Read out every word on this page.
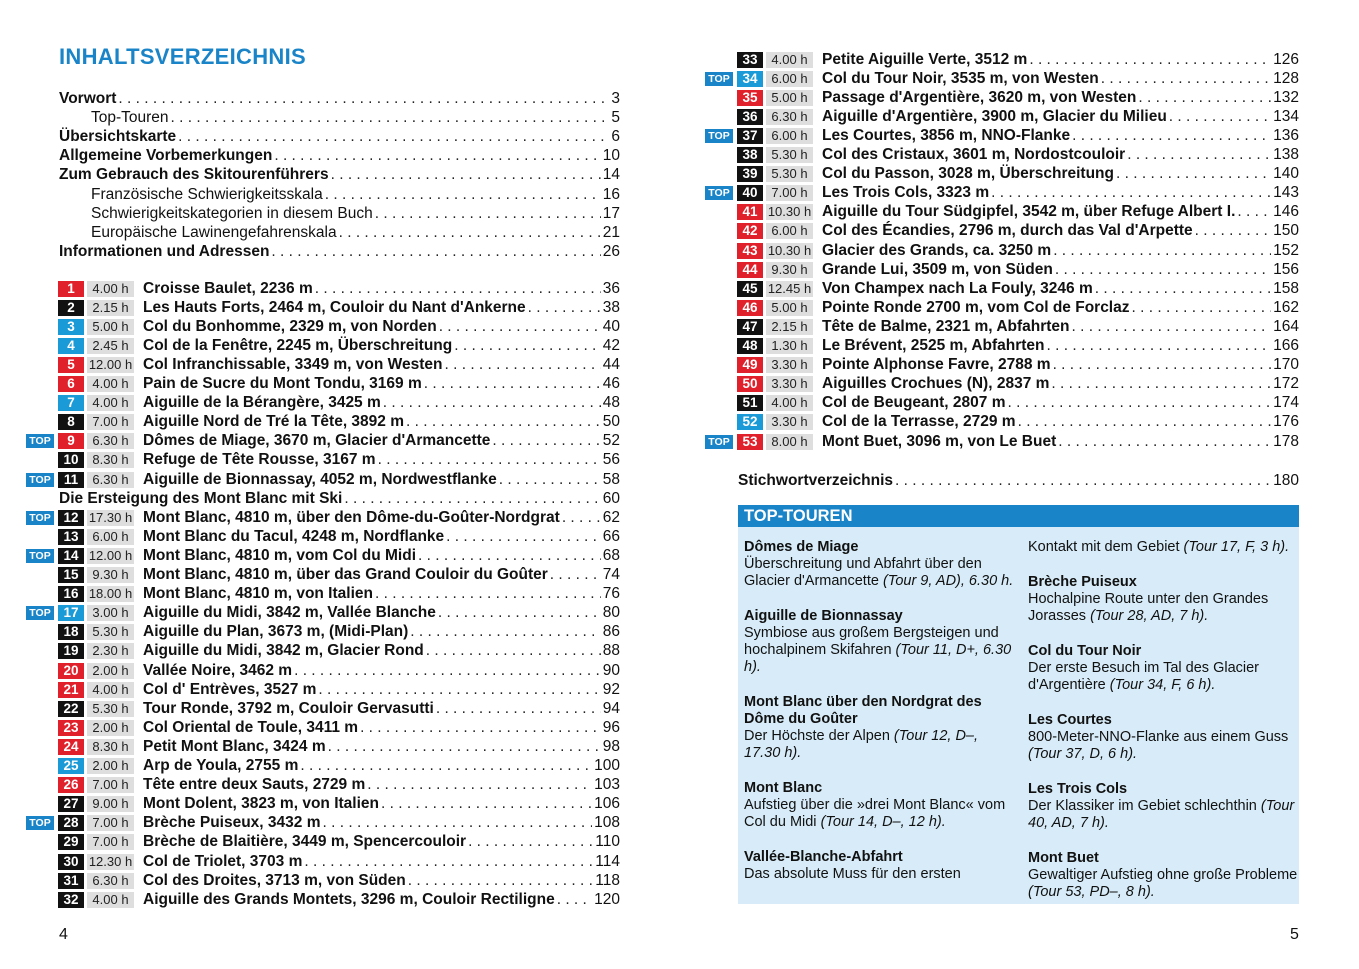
INHALTSVERZEICHNIS
Vorwort . . .	3
Top-Touren . . .	5
Übersichtskarte . . .	6
Allgemeine Vorbemerkungen . . .	10
Zum Gebrauch des Skitourenführers . . .	14
Französische Schwierigkeitsskala . . .	16
Schwierigkeitskategorien in diesem Buch . . .	17
Europäische Lawinengefahrenskala . . .	21
Informationen und Adressen . . .	26
1	4.00 h Croisse Baulet, 2236 m . . .	36
2	2.15 h Les Hauts Forts, 2464 m, Couloir du Nant d'Ankerne . . .	38
3	5.00 h Col du Bonhomme, 2329 m, von Norden . . .	40
4	2.45 h Col de la Fenêtre, 2245 m, Überschreitung . . .	42
5	12.00 h Col Infranchissable, 3349 m, von Westen . . .	44
6	4.00 h Pain de Sucre du Mont Tondu, 3169 m . . .	46
7	4.00 h Aiguille de la Bérangère, 3425 m . . .	48
8	7.00 h Aiguille Nord de Tré la Tête, 3892 m . . .	50
TOP	9	6.30 h Dômes de Miage, 3670 m, Glacier d'Armancette . . .	52
10	8.30 h Refuge de Tête Rousse, 3167 m . . .	56
TOP 11	6.30 h Aiguille de Bionnassay, 4052 m, Nordwestflanke . . .	58
Die Ersteigung des Mont Blanc mit Ski . . .	60
TOP 12 17.30 h Mont Blanc, 4810 m, über den Dôme-du-Goûter-Nordgrat . . .	62
13	6.00 h Mont Blanc du Tacul, 4248 m, Nordflanke . . .	66
TOP 14 12.00 h Mont Blanc, 4810 m, vom Col du Midi . . .	68
15	9.30 h Mont Blanc, 4810 m, über das Grand Couloir du Goûter . . .	74
16 18.00 h Mont Blanc, 4810 m, von Italien . . .	76
TOP 17	3.00 h Aiguille du Midi, 3842 m, Vallée Blanche . . .	80
18	5.30 h Aiguille du Plan, 3673 m, (Midi-Plan) . . .	86
19	2.30 h Aiguille du Midi, 3842 m, Glacier Rond . . .	88
20	2.00 h Vallée Noire, 3462 m . . .	90
21	4.00 h Col d' Entrèves, 3527 m . . .	92
22	5.30 h Tour Ronde, 3792 m, Couloir Gervasutti . . .	94
23	2.00 h Col Oriental de Toule, 3411 m . . .	96
24	8.30 h Petit Mont Blanc, 3424 m . . .	98
25	2.00 h Arp de Youla, 2755 m . . .	100
26	7.00 h Tête entre deux Sauts, 2729 m . . .	103
27	9.00 h Mont Dolent, 3823 m, von Italien . . .	106
TOP 28	7.00 h Brèche Puiseux, 3432 m . . .	108
29	7.00 h Brèche de Blaitière, 3449 m, Spencercouloir . . .	110
30 12.30 h Col de Triolet, 3703 m . . .	114
31	6.30 h Col des Droites, 3713 m, von Süden . . .	118
32	4.00 h Aiguille des Grands Montets, 3296 m, Couloir Rectiligne . . .	120
4
33	4.00 h Petite Aiguille Verte, 3512 m . . .	126
TOP 34	6.00 h Col du Tour Noir, 3535 m, von Westen . . .	128
35	5.00 h Passage d'Argentière, 3620 m, von Westen . . .	132
36	6.30 h Aiguille d'Argentière, 3900 m, Glacier du Milieu . . .	134
TOP 37	6.00 h Les Courtes, 3856 m, NNO-Flanke . . .	136
38	5.30 h Col des Cristaux, 3601 m, Nordostcouloir . . .	138
39	5.30 h Col du Passon, 3028 m, Überschreitung . . .	140
TOP 40	7.00 h Les Trois Cols, 3323 m . . .	143
41 10.30 h Aiguille du Tour Südgipfel, 3542 m, über Refuge Albert I. . . . 146
42	6.00 h Col des Écandies, 2796 m, durch das Val d'Arpette . . .	150
43 10.30 h Glacier des Grands, ca. 3250 m . . .	152
44	9.30 h Grande Lui, 3509 m, von Süden . . .	156
45 12.45 h Von Champex nach La Fouly, 3246 m . . .	158
46	5.00 h Pointe Ronde 2700 m, vom Col de Forclaz . . .	162
47	2.15 h Tête de Balme, 2321 m, Abfahrten . . .	164
48	1.30 h Le Brévent, 2525 m, Abfahrten . . .	166
49	3.30 h Pointe Alphonse Favre, 2788 m . . .	170
50	3.30 h Aiguilles Crochues (N), 2837 m . . .	172
51	4.00 h Col de Beugeant, 2807 m . . .	174
52	3.30 h Col de la Terrasse, 2729 m . . .	176
TOP 53	8.00 h Mont Buet, 3096 m, von Le Buet . . .	178
Stichwortverzeichnis . . .	180
TOP-TOUREN
Dômes de Miage
Überschreitung und Abfahrt über den Glacier d'Armancette (Tour 9, AD), 6.30 h.
Aiguille de Bionnassay
Symbiose aus großem Bergsteigen und hochalpinem Skifahren (Tour 11, D+, 6.30 h).
Mont Blanc über den Nordgrat des Dôme du Goûter
Der Höchste der Alpen (Tour 12, D–, 17.30 h).
Mont Blanc
Aufstieg über die »drei Mont Blanc« vom Col du Midi (Tour 14, D–, 12 h).
Vallée-Blanche-Abfahrt
Das absolute Muss für den ersten
Kontakt mit dem Gebiet (Tour 17, F, 3 h).
Brèche Puiseux
Hochalpine Route unter den Grandes Jorasses (Tour 28, AD, 7 h).
Col du Tour Noir
Der erste Besuch im Tal des Glacier d'Argentière (Tour 34, F, 6 h).
Les Courtes
800-Meter-NNO-Flanke aus einem Guss (Tour 37, D, 6 h).
Les Trois Cols
Der Klassiker im Gebiet schlechthin (Tour 40, AD, 7 h).
Mont Buet
Gewaltiger Aufstieg ohne große Probleme (Tour 53, PD–, 8 h).
5
